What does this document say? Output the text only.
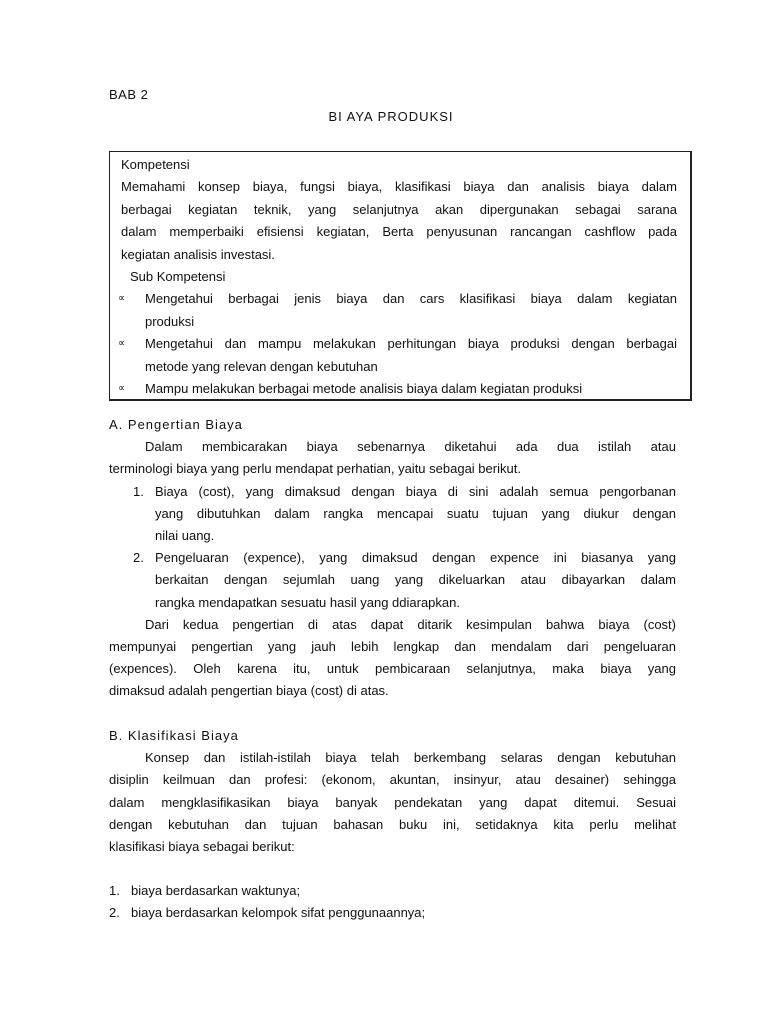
BAB 2
BI AYA PRODUKSI
Kompetensi
Memahami konsep biaya, fungsi biaya, klasifikasi biaya dan analisis biaya dalam
berbagai kegiatan teknik, yang selanjutnya akan dipergunakan sebagai sarana
dalam memperbaiki efisiensi kegiatan, Berta penyusunan rancangan cashflow pada
kegiatan analisis investasi.
Sub Kompetensi
∝ Mengetahui berbagai jenis biaya dan cars klasifikasi biaya dalam kegiatan
produksi
∝ Mengetahui dan mampu melakukan perhitungan biaya produksi dengan berbagai
metode yang relevan dengan kebutuhan
∝ Mampu melakukan berbagai metode analisis biaya dalam kegiatan produksi
A. Pengertian Biaya
Dalam membicarakan biaya sebenarnya diketahui ada dua istilah atau
terminologi biaya yang perlu mendapat perhatian, yaitu sebagai berikut.
1. Biaya (cost), yang dimaksud dengan biaya di sini adalah semua pengorbanan
yang dibutuhkan dalam rangka mencapai suatu tujuan yang diukur dengan
nilai uang.
2. Pengeluaran (expence), yang dimaksud dengan expence ini biasanya yang
berkaitan dengan sejumlah uang yang dikeluarkan atau dibayarkan dalam
rangka mendapatkan sesuatu hasil yang ddiarapkan.
Dari kedua pengertian di atas dapat ditarik kesimpulan bahwa biaya (cost)
mempunyai pengertian yang jauh lebih lengkap dan mendalam dari pengeluaran
(expences). Oleh karena itu, untuk pembicaraan selanjutnya, maka biaya yang
dimaksud adalah pengertian biaya (cost) di atas.
B. Klasifikasi Biaya
Konsep dan istilah-istilah biaya telah berkembang selaras dengan kebutuhan
disiplin keilmuan dan profesi: (ekonom, akuntan, insinyur, atau desainer) sehingga
dalam mengklasifikasikan biaya banyak pendekatan yang dapat ditemui. Sesuai
dengan kebutuhan dan tujuan bahasan buku ini, setidaknya kita perlu melihat
klasifikasi biaya sebagai berikut:
1. biaya berdasarkan waktunya;
2. biaya berdasarkan kelompok sifat penggunaannya;
